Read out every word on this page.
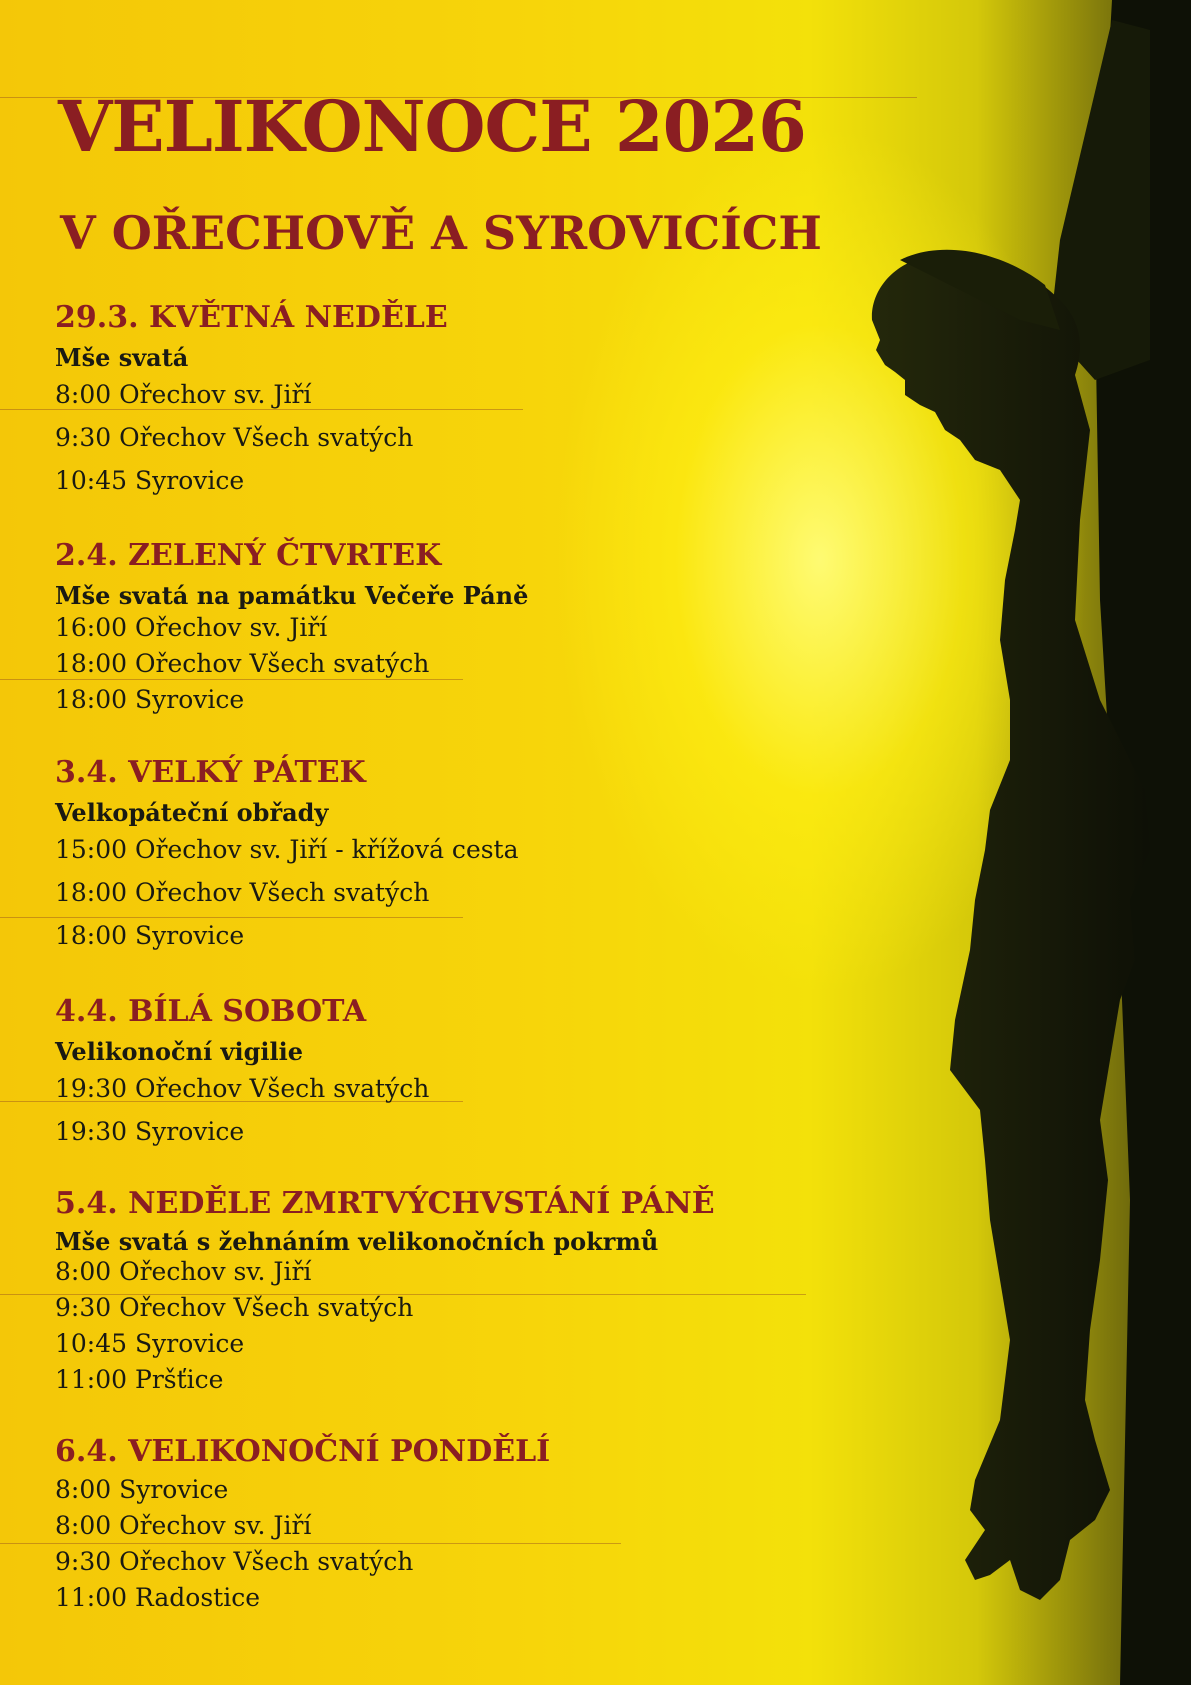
VELIKONOCE 2026
V OŘECHOVĚ A SYROVICÍCH
29.3. KVĚTNÁ NEDĚLE
Mše svatá
8:00 Ořechov sv. Jiří
9:30 Ořechov Všech svatých
10:45 Syrovice
2.4. ZELENÝ ČTVRTEK
Mše svatá na památku Večeře Páně
16:00 Ořechov sv. Jiří
18:00 Ořechov Všech svatých
18:00 Syrovice
3.4. VELKÝ PÁTEK
Velkopáteční obřady
15:00 Ořechov sv. Jiří - křížová cesta
18:00 Ořechov Všech svatých
18:00 Syrovice
4.4. BÍLÁ SOBOTA
Velikonoční vigilie
19:30 Ořechov Všech svatých
19:30 Syrovice
5.4. NEDĚLE ZMRTVÝCHVSTÁNÍ PÁNĚ
Mše svatá s žehnáním velikonočních pokrmů
8:00 Ořechov sv. Jiří
9:30 Ořechov Všech svatých
10:45 Syrovice
11:00 Pršťice
6.4. VELIKONOČNÍ PONDĚLÍ
8:00 Syrovice
8:00 Ořechov sv. Jiří
9:30 Ořechov Všech svatých
11:00 Radostice
